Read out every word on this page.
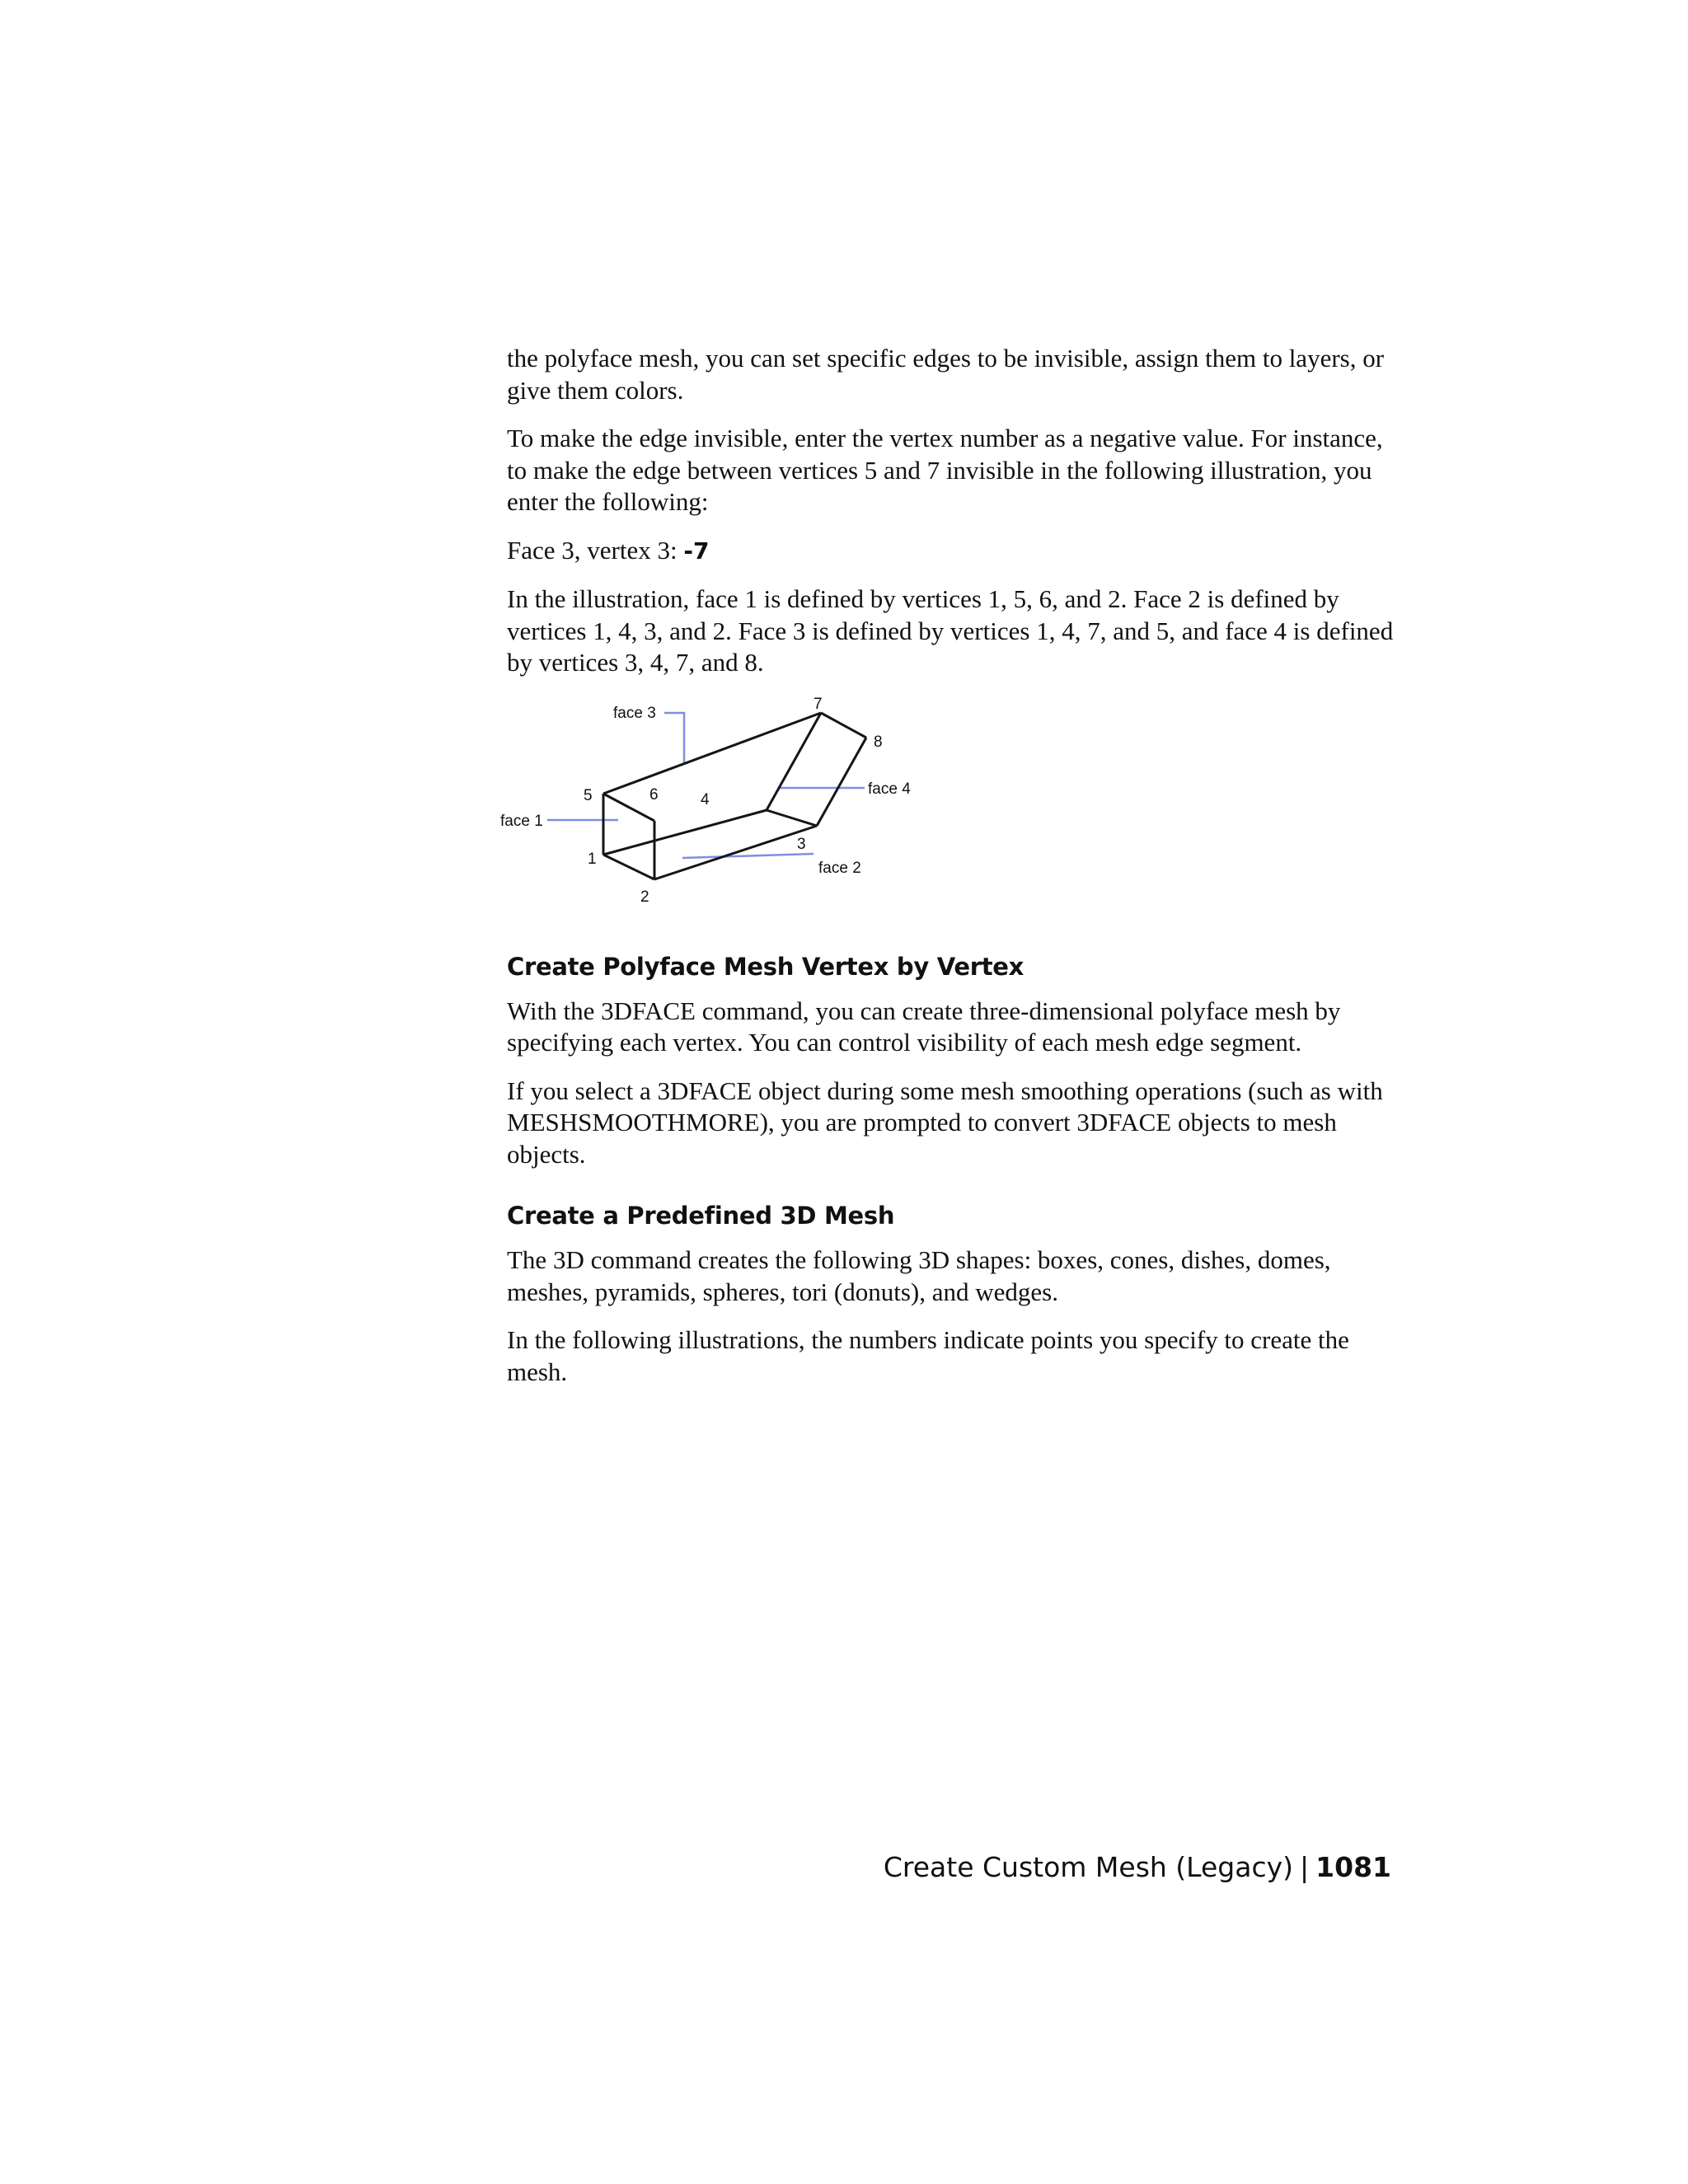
the polyface mesh, you can set specific edges to be invisible, assign them to layers, or give them colors.

To make the edge invisible, enter the vertex number as a negative value. For instance, to make the edge between vertices 5 and 7 invisible in the following illustration, you enter the following:

Face 3, vertex 3: -7

In the illustration, face 1 is defined by vertices 1, 5, 6, and 2. Face 2 is defined by vertices 1, 4, 3, and 2. Face 3 is defined by vertices 1, 4, 7, and 5, and face 4 is defined by vertices 3, 4, 7, and 8.

5
1
2
6	4
3
7
8
face 1
face 3
face 4
face 2
Create Polyface Mesh Vertex by Vertex

With the 3DFACE command, you can create three-dimensional polyface mesh by specifying each vertex. You can control visibility of each mesh edge segment.

If you select a 3DFACE object during some mesh smoothing operations (such as with MESHSMOOTHMORE), you are prompted to convert 3DFACE objects to mesh objects.

Create a Predefined 3D Mesh

The 3D command creates the following 3D shapes: boxes, cones, dishes, domes, meshes, pyramids, spheres, tori (donuts), and wedges.

In the following illustrations, the numbers indicate points you specify to create the mesh.

Create Custom Mesh (Legacy) | 1081
